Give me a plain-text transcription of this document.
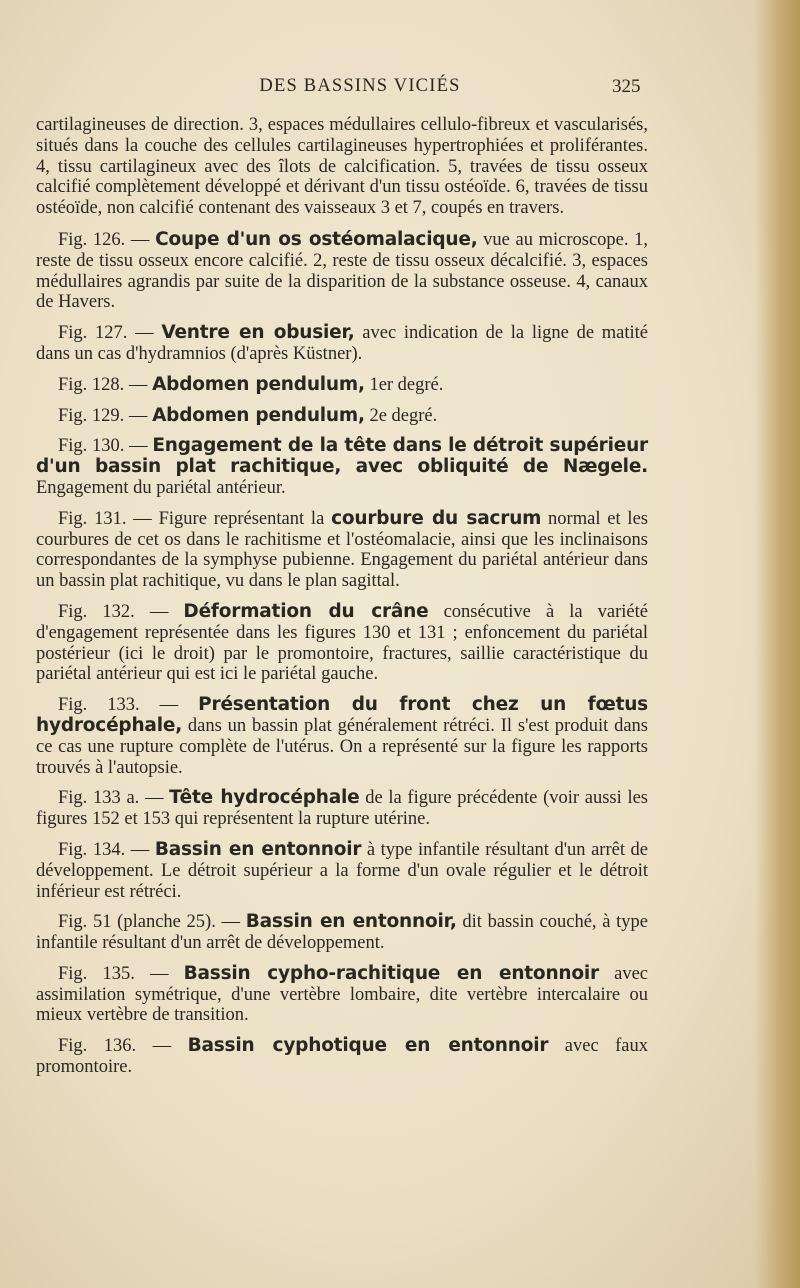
DES BASSINS VICIÉS	325

cartilagineuses de direction. 3, espaces médullaires cellulo-fibreux et vascularisés, situés dans la couche des cellules cartilagineuses hypertrophiées et proliférantes. 4, tissu cartilagineux avec des îlots de calcification. 5, travées de tissu osseux calcifié complètement développé et dérivant d'un tissu ostéoïde. 6, travées de tissu ostéoïde, non calcifié contenant des vaisseaux 3 et 7, coupés en travers.

Fig. 126. — Coupe d'un os ostéomalacique, vue au microscope. 1, reste de tissu osseux encore calcifié. 2, reste de tissu osseux décalcifié. 3, espaces médullaires agrandis par suite de la disparition de la substance osseuse. 4, canaux de Havers.

Fig. 127. — Ventre en obusier, avec indication de la ligne de matité dans un cas d'hydramnios (d'après Küstner).

Fig. 128. — Abdomen pendulum, 1er degré.

Fig. 129. — Abdomen pendulum, 2e degré.

Fig. 130. — Engagement de la tête dans le détroit supérieur d'un bassin plat rachitique, avec obliquité de Nægele. Engagement du pariétal antérieur.

Fig. 131. — Figure représentant la courbure du sacrum normal et les courbures de cet os dans le rachitisme et l'ostéomalacie, ainsi que les inclinaisons correspondantes de la symphyse pubienne. Engagement du pariétal antérieur dans un bassin plat rachitique, vu dans le plan sagittal.

Fig. 132. — Déformation du crâne consécutive à la variété d'engagement représentée dans les figures 130 et 131 ; enfoncement du pariétal postérieur (ici le droit) par le promontoire, fractures, saillie caractéristique du pariétal antérieur qui est ici le pariétal gauche.

Fig. 133. — Présentation du front chez un fœtus hydrocéphale, dans un bassin plat généralement rétréci. Il s'est produit dans ce cas une rupture complète de l'utérus. On a représenté sur la figure les rapports trouvés à l'autopsie.

Fig. 133 a. — Tête hydrocéphale de la figure précédente (voir aussi les figures 152 et 153 qui représentent la rupture utérine.

Fig. 134. — Bassin en entonnoir à type infantile résultant d'un arrêt de développement. Le détroit supérieur a la forme d'un ovale régulier et le détroit inférieur est rétréci.

Fig. 51 (planche 25). — Bassin en entonnoir, dit bassin couché, à type infantile résultant d'un arrêt de développement.

Fig. 135. — Bassin cypho-rachitique en entonnoir avec assimilation symétrique, d'une vertèbre lombaire, dite vertèbre intercalaire ou mieux vertèbre de transition.

Fig. 136. — Bassin cyphotique en entonnoir avec faux promontoire.
